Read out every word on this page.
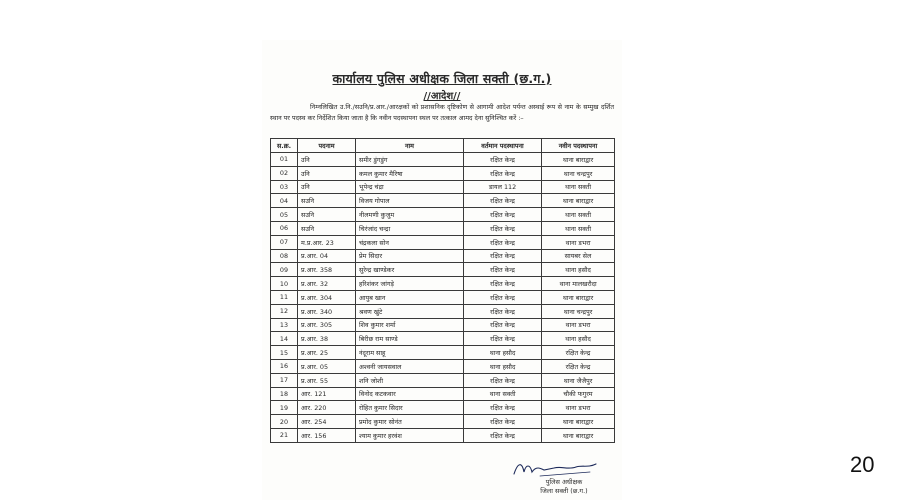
कार्यालय पुलिस अधीक्षक जिला सक्ती (छ.ग.)
//आदेश//
निम्नलिखित उ.नि./सउनि/प्र.आर./आरक्षकों को प्रशासनिक दृष्टिकोण से आगामी आदेश पर्यन्त अस्थाई रूप से नाम के सम्मुख दर्शित स्थान पर पदस्थ कर निर्देशित किया जाता है कि नवीन पदस्थापना स्थल पर तत्काल आमद देना सुनिश्चित करें :–
स.क्र.	पदनाम	नाम	वर्तमान पदस्थापना	नवीन पदस्थापना
01	उनि	समीर डुंगडुंग	रक्षित केन्द्र	थाना बाराद्वार
02	उनि	कमल कुमार मैरिषा	रक्षित केन्द्र	थाना चन्द्रपुर
03	उनि	भूपेन्द्र चंद्रा	डायल 112	थाना सक्ती
04	सउनि	विजय गोपाल	रक्षित केन्द्र	थाना बाराद्वार
05	सउनि	नीलमणी कुजुम	रक्षित केन्द्र	थाना सक्ती
06	सउनि	चिरंजांद चन्द्रा	रक्षित केन्द्र	थाना सक्ती
07	म.प्र.आर. 23	चंद्रकला सोन	रक्षित केन्द्र	थाना डभरा
08	प्र.आर. 04	प्रेम सिदार	रक्षित केन्द्र	सायबर सेल
09	प्र.आर. 358	सुरेन्द्र खाण्डेकर	रक्षित केन्द्र	थाना हसौद
10	प्र.आर. 32	हरिशंकर जांगड़े	रक्षित केन्द्र	थाना मालखरौदा
11	प्र.आर. 304	आयुब खान	रक्षित केन्द्र	थाना बाराद्वार
12	प्र.आर. 340	श्रवण खुंटे	रक्षित केन्द्र	थाना चन्द्रपुर
13	प्र.आर. 305	शिव कुमार शर्मा	रक्षित केन्द्र	थाना डभरा
14	प्र.आर. 38	बिरीछ राम साण्डे	रक्षित केन्द्र	थाना हसौद
15	प्र.आर. 25	नंदूराम साहू	थाना हसौद	रक्षित केन्द्र
16	प्र.आर. 05	अश्वनी जायसवाल	थाना हसौद	रक्षित केन्द्र
17	प्र.आर. 55	शनि जोशी	रक्षित केन्द्र	थाना जैजैपुर
18	आर. 121	विनोद कटकवार	थाना सक्ती	चौकी फगुरम
19	आर. 220	रोहित कुमार सिदार	रक्षित केन्द्र	थाना डभरा
20	आर. 254	प्रमोद कुमार सोनंत	रक्षित केन्द्र	थाना बाराद्वार
21	आर. 156	श्याम कुमार हरवंश	रक्षित केन्द्र	थाना बाराद्वार
पुलिस अधीक्षक
जिला सक्ती (छ.ग.)
20
